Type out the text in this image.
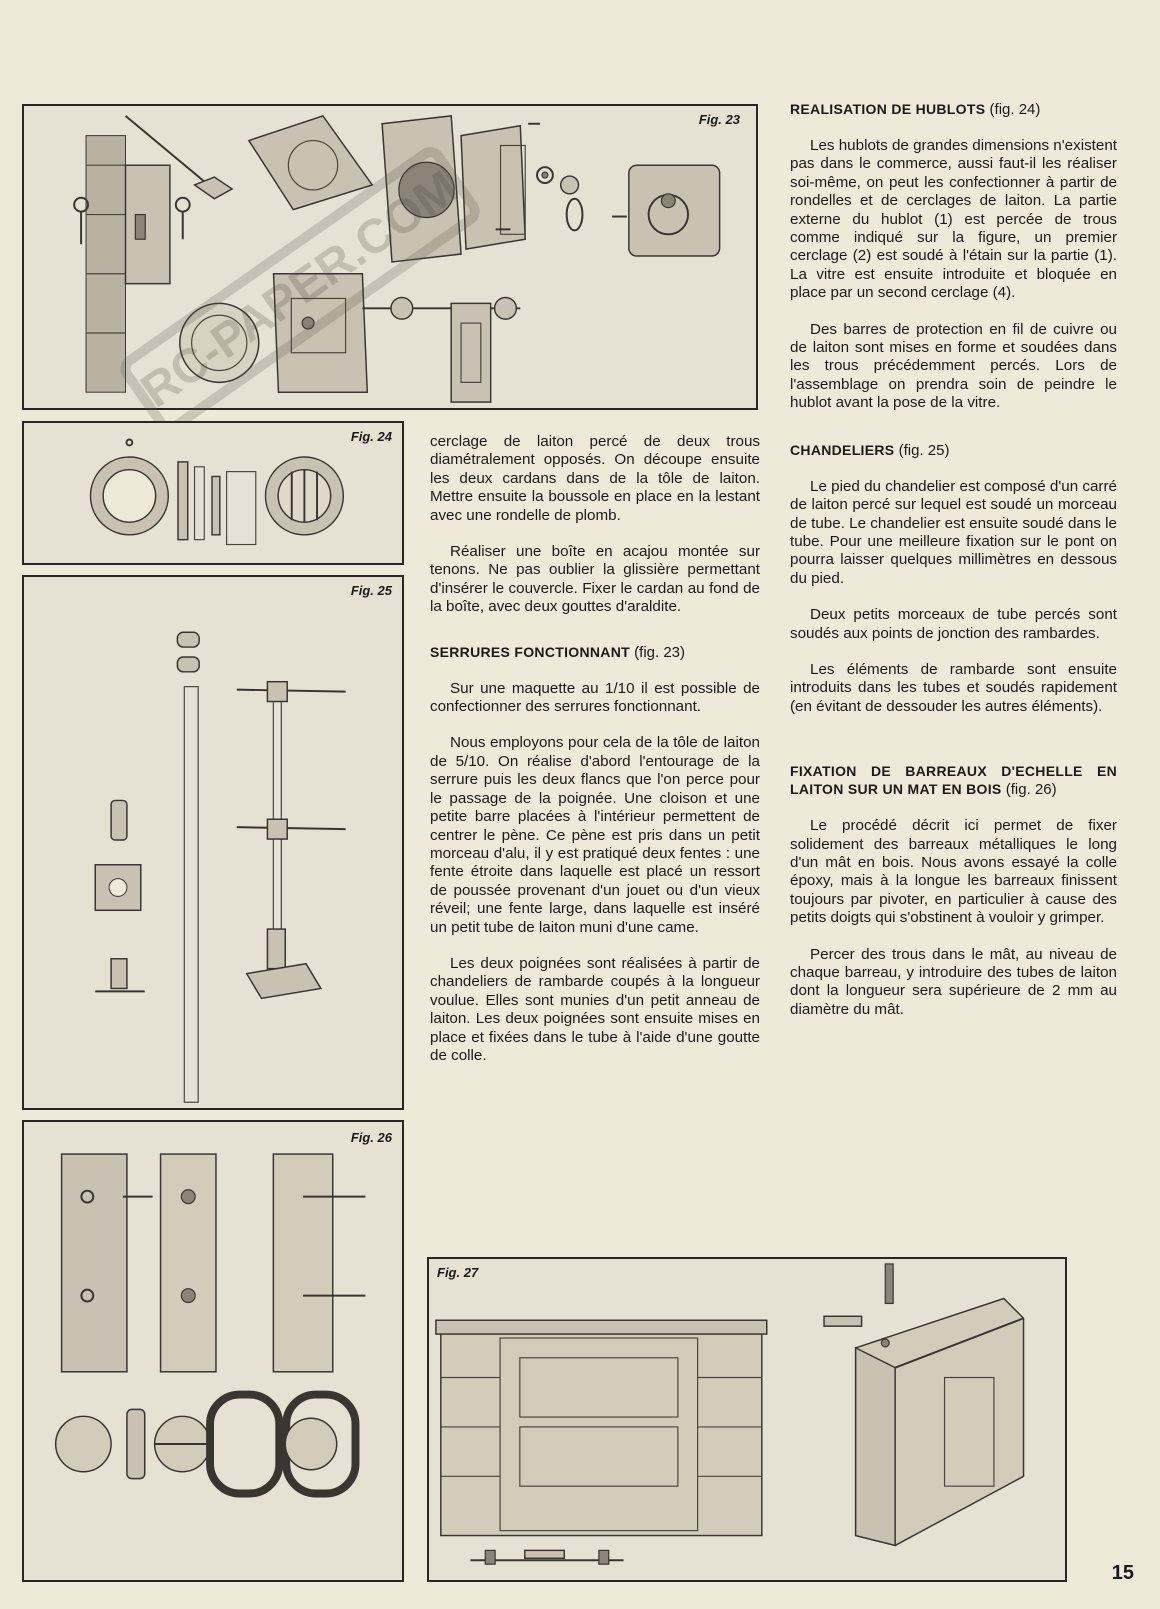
Fig. 23
RC-PAPER.COM
Fig. 24
Fig. 25
Fig. 26
Fig. 27

cerclage de laiton percé de deux trous diamétralement opposés. On découpe ensuite les deux cardans dans de la tôle de laiton. Mettre ensuite la boussole en place en la lestant avec une rondelle de plomb.

Réaliser une boîte en acajou montée sur tenons. Ne pas oublier la glissière permettant d'insérer le couvercle. Fixer le cardan au fond de la boîte, avec deux gouttes d'araldite.

SERRURES FONCTIONNANT (fig. 23)

Sur une maquette au 1/10 il est possible de confectionner des serrures fonctionnant.

Nous employons pour cela de la tôle de laiton de 5/10. On réalise d'abord l'entourage de la serrure puis les deux flancs que l'on perce pour le passage de la poignée. Une cloison et une petite barre placées à l'intérieur permettent de centrer le pène. Ce pène est pris dans un petit morceau d'alu, il y est pratiqué deux fentes : une fente étroite dans laquelle est placé un ressort de poussée provenant d'un jouet ou d'un vieux réveil; une fente large, dans laquelle est inséré un petit tube de laiton muni d'une came.

Les deux poignées sont réalisées à partir de chandeliers de rambarde coupés à la longueur voulue. Elles sont munies d'un petit anneau de laiton. Les deux poignées sont ensuite mises en place et fixées dans le tube à l'aide d'une goutte de colle.

REALISATION DE HUBLOTS (fig. 24)

Les hublots de grandes dimensions n'existent pas dans le commerce, aussi faut-il les réaliser soi-même, on peut les confectionner à partir de rondelles et de cerclages de laiton. La partie externe du hublot (1) est percée de trous comme indiqué sur la figure, un premier cerclage (2) est soudé à l'étain sur la partie (1). La vitre est ensuite introduite et bloquée en place par un second cerclage (4).

Des barres de protection en fil de cuivre ou de laiton sont mises en forme et soudées dans les trous précédemment percés. Lors de l'assemblage on prendra soin de peindre le hublot avant la pose de la vitre.

CHANDELIERS (fig. 25)

Le pied du chandelier est composé d'un carré de laiton percé sur lequel est soudé un morceau de tube. Le chandelier est ensuite soudé dans le tube. Pour une meilleure fixation sur le pont on pourra laisser quelques millimètres en dessous du pied.

Deux petits morceaux de tube percés sont soudés aux points de jonction des rambardes.

Les éléments de rambarde sont ensuite introduits dans les tubes et soudés rapidement (en évitant de dessouder les autres éléments).

FIXATION DE BARREAUX D'ECHELLE EN LAITON SUR UN MAT EN BOIS (fig. 26)

Le procédé décrit ici permet de fixer solidement des barreaux métalliques le long d'un mât en bois. Nous avons essayé la colle époxy, mais à la longue les barreaux finissent toujours par pivoter, en particulier à cause des petits doigts qui s'obstinent à vouloir y grimper.

Percer des trous dans le mât, au niveau de chaque barreau, y introduire des tubes de laiton dont la longueur sera supérieure de 2 mm au diamètre du mât.

15
